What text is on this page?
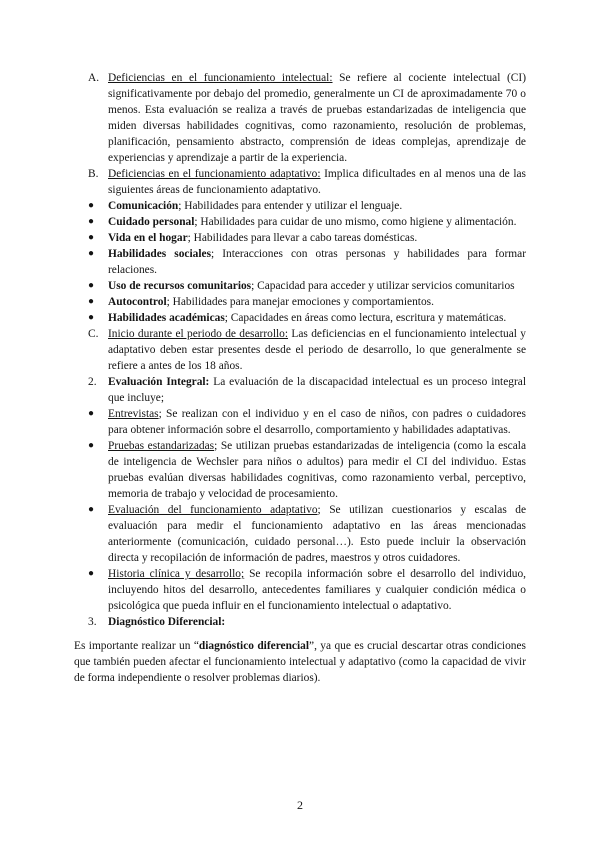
A. Deficiencias en el funcionamiento intelectual: Se refiere al cociente intelectual (CI) significativamente por debajo del promedio, generalmente un CI de aproximadamente 70 o menos. Esta evaluación se realiza a través de pruebas estandarizadas de inteligencia que miden diversas habilidades cognitivas, como razonamiento, resolución de problemas, planificación, pensamiento abstracto, comprensión de ideas complejas, aprendizaje de experiencias y aprendizaje a partir de la experiencia.
B. Deficiencias en el funcionamiento adaptativo: Implica dificultades en al menos una de las siguientes áreas de funcionamiento adaptativo.
● Comunicación; Habilidades para entender y utilizar el lenguaje.
● Cuidado personal; Habilidades para cuidar de uno mismo, como higiene y alimentación.
● Vida en el hogar; Habilidades para llevar a cabo tareas domésticas.
● Habilidades sociales; Interacciones con otras personas y habilidades para formar relaciones.
● Uso de recursos comunitarios; Capacidad para acceder y utilizar servicios comunitarios
● Autocontrol; Habilidades para manejar emociones y comportamientos.
● Habilidades académicas; Capacidades en áreas como lectura, escritura y matemáticas.
C. Inicio durante el periodo de desarrollo: Las deficiencias en el funcionamiento intelectual y adaptativo deben estar presentes desde el periodo de desarrollo, lo que generalmente se refiere a antes de los 18 años.
2. Evaluación Integral: La evaluación de la discapacidad intelectual es un proceso integral que incluye;
● Entrevistas; Se realizan con el individuo y en el caso de niños, con padres o cuidadores para obtener información sobre el desarrollo, comportamiento y habilidades adaptativas.
● Pruebas estandarizadas; Se utilizan pruebas estandarizadas de inteligencia (como la escala de inteligencia de Wechsler para niños o adultos) para medir el CI del individuo. Estas pruebas evalúan diversas habilidades cognitivas, como razonamiento verbal, perceptivo, memoria de trabajo y velocidad de procesamiento.
● Evaluación del funcionamiento adaptativo; Se utilizan cuestionarios y escalas de evaluación para medir el funcionamiento adaptativo en las áreas mencionadas anteriormente (comunicación, cuidado personal…). Esto puede incluir la observación directa y recopilación de información de padres, maestros y otros cuidadores.
● Historia clínica y desarrollo; Se recopila información sobre el desarrollo del individuo, incluyendo hitos del desarrollo, antecedentes familiares y cualquier condición médica o psicológica que pueda influir en el funcionamiento intelectual o adaptativo.
3. Diagnóstico Diferencial:

Es importante realizar un “diagnóstico diferencial”, ya que es crucial descartar otras condiciones que también pueden afectar el funcionamiento intelectual y adaptativo (como la capacidad de vivir de forma independiente o resolver problemas diarios).

2
